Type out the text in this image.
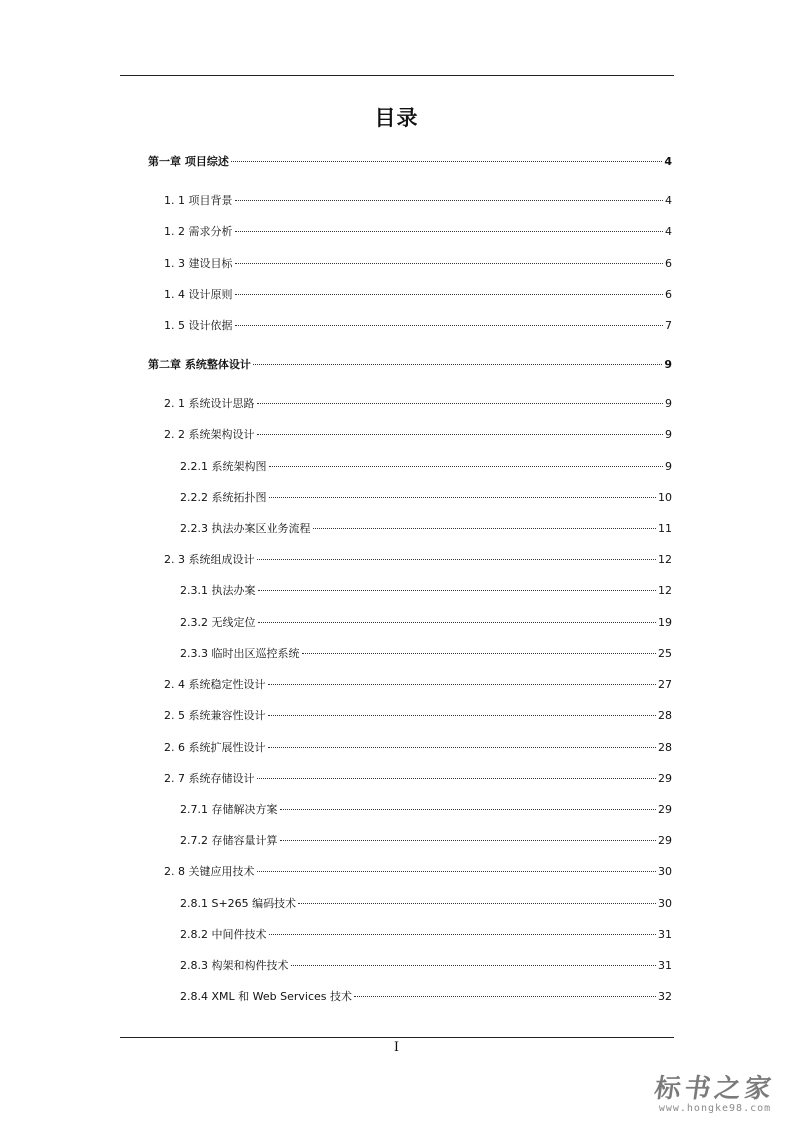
目录
第一章 项目综述	4
1. 1 项目背景	4
1. 2 需求分析	4
1. 3 建设目标	6
1. 4 设计原则	6
1. 5 设计依据	7
第二章 系统整体设计	9
2. 1 系统设计思路	9
2. 2 系统架构设计	9
2.2.1 系统架构图	9
2.2.2 系统拓扑图	10
2.2.3 执法办案区业务流程	11
2. 3 系统组成设计	12
2.3.1 执法办案	12
2.3.2 无线定位	19
2.3.3 临时出区巡控系统	25
2. 4 系统稳定性设计	27
2. 5 系统兼容性设计	28
2. 6 系统扩展性设计	28
2. 7 系统存储设计	29
2.7.1 存储解决方案	29
2.7.2 存储容量计算	29
2. 8 关键应用技术	30
2.8.1 S+265 编码技术	30
2.8.2 中间件技术	31
2.8.3 构架和构件技术	31
2.8.4 XML 和 Web Services 技术	32
I
标书之家
www.hongke98.com
